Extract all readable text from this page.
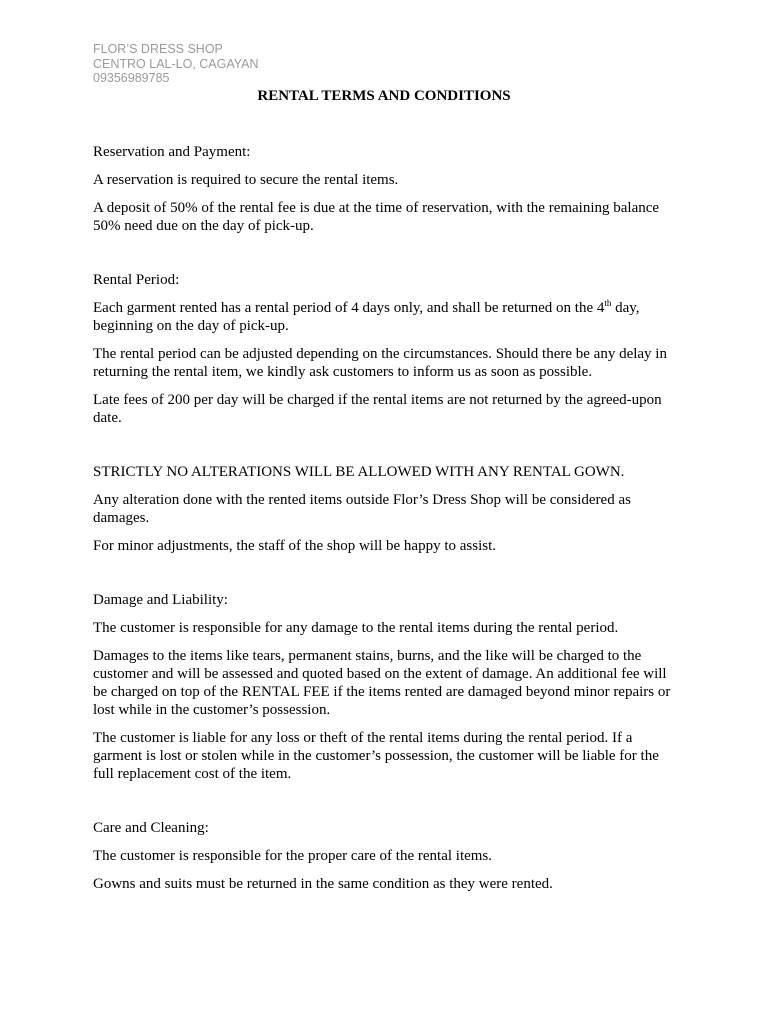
FLOR’S DRESS SHOP
CENTRO LAL-LO, CAGAYAN
09356989785
RENTAL TERMS AND CONDITIONS

Reservation and Payment:

A reservation is required to secure the rental items.

A deposit of 50% of the rental fee is due at the time of reservation, with the remaining balance 50% need due on the day of pick-up.

Rental Period:

Each garment rented has a rental period of 4 days only, and shall be returned on the 4th day, beginning on the day of pick-up.

The rental period can be adjusted depending on the circumstances. Should there be any delay in returning the rental item, we kindly ask customers to inform us as soon as possible.

Late fees of 200 per day will be charged if the rental items are not returned by the agreed-upon date.

STRICTLY NO ALTERATIONS WILL BE ALLOWED WITH ANY RENTAL GOWN.

Any alteration done with the rented items outside Flor’s Dress Shop will be considered as damages.

For minor adjustments, the staff of the shop will be happy to assist.

Damage and Liability:

The customer is responsible for any damage to the rental items during the rental period.

Damages to the items like tears, permanent stains, burns, and the like will be charged to the customer and will be assessed and quoted based on the extent of damage. An additional fee will be charged on top of the RENTAL FEE if the items rented are damaged beyond minor repairs or lost while in the customer’s possession.

The customer is liable for any loss or theft of the rental items during the rental period. If a garment is lost or stolen while in the customer’s possession, the customer will be liable for the full replacement cost of the item.

Care and Cleaning:

The customer is responsible for the proper care of the rental items.

Gowns and suits must be returned in the same condition as they were rented.
